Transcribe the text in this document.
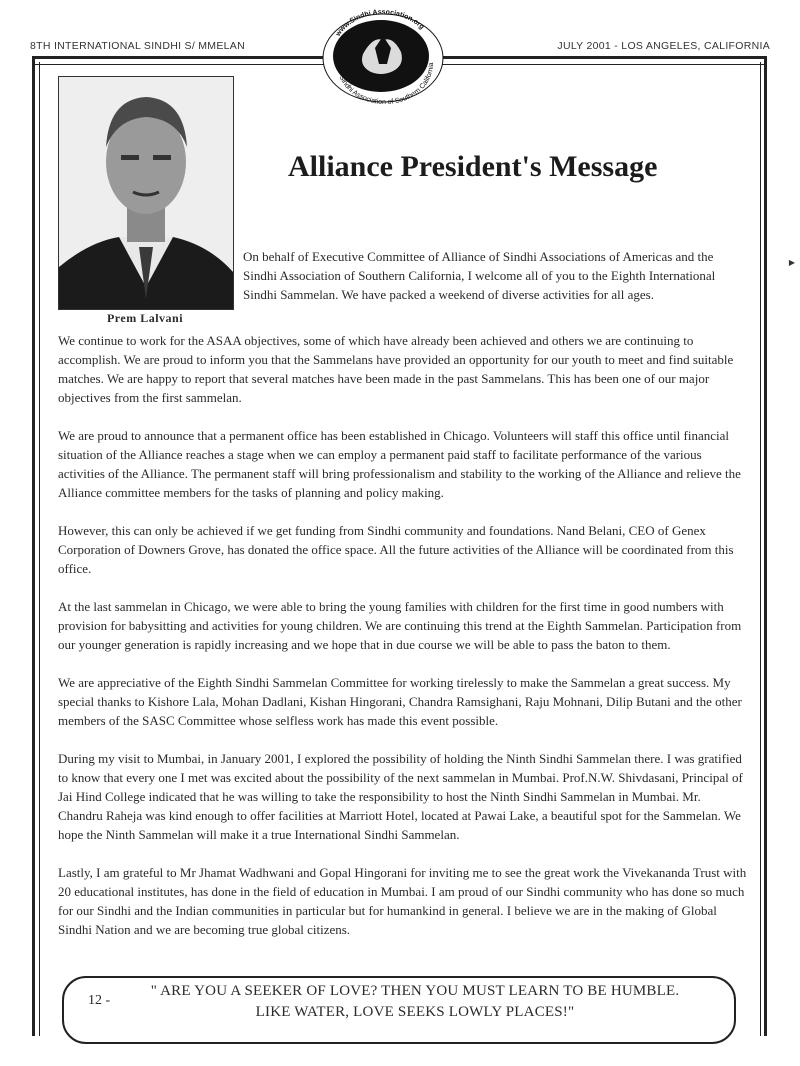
8TH INTERNATIONAL SINDHI S/ MMELAN	JULY 2001 - LOS ANGELES, CALIFORNIA
www.Sindhi Association.org
Sindhi Association of Southern California
Prem Lalvani
Alliance President's Message
On behalf of Executive Committee of Alliance of Sindhi Associations of Americas and the Sindhi Association of Southern California, I welcome all of you to the Eighth International Sindhi Sammelan. We have packed a weekend of diverse activities for all ages.

We continue to work for the ASAA objectives, some of which have already been achieved and others we are continuing to accomplish. We are proud to inform you that the Sammelans have provided an opportunity for our youth to meet and find suitable matches. We are happy to report that several matches have been made in the past Sammelans. This has been one of our major objectives from the first sammelan.

We are proud to announce that a permanent office has been established in Chicago. Volunteers will staff this office until financial situation of the Alliance reaches a stage when we can employ a permanent paid staff to facilitate performance of the various activities of the Alliance. The permanent staff will bring professionalism and stability to the working of the Alliance and relieve the Alliance committee members for the tasks of planning and policy making.

However, this can only be achieved if we get funding from Sindhi community and foundations. Nand Belani, CEO of Genex Corporation of Downers Grove, has donated the office space. All the future activities of the Alliance will be coordinated from this office.

At the last sammelan in Chicago, we were able to bring the young families with children for the first time in good numbers with provision for babysitting and activities for young children. We are continuing this trend at the Eighth Sammelan. Participation from our younger generation is rapidly increasing and we hope that in due course we will be able to pass the baton to them.

We are appreciative of the Eighth Sindhi Sammelan Committee for working tirelessly to make the Sammelan a great success. My special thanks to Kishore Lala, Mohan Dadlani, Kishan Hingorani, Chandra Ramsighani, Raju Mohnani, Dilip Butani and the other members of the SASC Committee whose selfless work has made this event possible.

During my visit to Mumbai, in January 2001, I explored the possibility of holding the Ninth Sindhi Sammelan there. I was gratified to know that every one I met was excited about the possibility of the next sammelan in Mumbai. Prof.N.W. Shivdasani, Principal of Jai Hind College indicated that he was willing to take the responsibility to host the Ninth Sindhi Sammelan in Mumbai. Mr. Chandru Raheja was kind enough to offer facilities at Marriott Hotel, located at Pawai Lake, a beautiful spot for the Sammelan. We hope the Ninth Sammelan will make it a true International Sindhi Sammelan.

Lastly, I am grateful to Mr Jhamat Wadhwani and Gopal Hingorani for inviting me to see the great work the Vivekananda Trust with 20 educational institutes, has done in the field of education in Mumbai. I am proud of our Sindhi community who has done so much for our Sindhi and the Indian communities in particular but for humankind in general. I believe we are in the making of Global Sindhi Nation and we are becoming true global citizens.

12 -
" ARE YOU A SEEKER OF LOVE? THEN YOU MUST LEARN TO BE HUMBLE.
LIKE WATER, LOVE SEEKS LOWLY PLACES!"
▶
